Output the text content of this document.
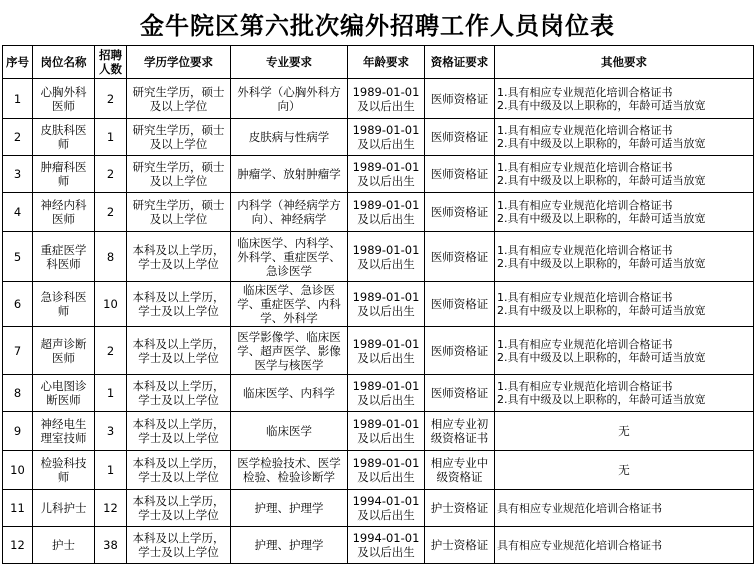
金牛院区第六批次编外招聘工作人员岗位表
序号	岗位名称	招聘人数	学历学位要求	专业要求	年龄要求	资格证要求	其他要求
1	心胸外科医师	2	研究生学历，硕士及以上学位	外科学（心胸外科方向）	1989-01-01及以后出生	医师资格证	1.具有相应专业规范化培训合格证书
2.具有中级及以上职称的，年龄可适当放宽

2	皮肤科医师	1	研究生学历，硕士及以上学位	皮肤病与性病学	1989-01-01及以后出生	医师资格证	1.具有相应专业规范化培训合格证书
2.具有中级及以上职称的，年龄可适当放宽

3	肿瘤科医师	2	研究生学历，硕士及以上学位	肿瘤学、放射肿瘤学	1989-01-01及以后出生	医师资格证	1.具有相应专业规范化培训合格证书
2.具有中级及以上职称的，年龄可适当放宽

4	神经内科医师	2	研究生学历，硕士及以上学位	内科学（神经病学方向）、神经病学	1989-01-01及以后出生	医师资格证	1.具有相应专业规范化培训合格证书
2.具有中级及以上职称的，年龄可适当放宽

5	重症医学科医师	8	本科及以上学历，学士及以上学位	临床医学、内科学、外科学、重症医学、急诊医学	1989-01-01及以后出生	医师资格证	1.具有相应专业规范化培训合格证书
2.具有中级及以上职称的，年龄可适当放宽

6	急诊科医师	10	本科及以上学历，学士及以上学位	临床医学、急诊医学、重症医学、内科学、外科学	1989-01-01及以后出生	医师资格证	1.具有相应专业规范化培训合格证书
2.具有中级及以上职称的，年龄可适当放宽

7	超声诊断医师	2	本科及以上学历，学士及以上学位	医学影像学、临床医学、超声医学、影像医学与核医学	1989-01-01及以后出生	医师资格证	1.具有相应专业规范化培训合格证书
2.具有中级及以上职称的，年龄可适当放宽

8	心电图诊断医师	1	本科及以上学历，学士及以上学位	临床医学、内科学	1989-01-01及以后出生	医师资格证	1.具有相应专业规范化培训合格证书
2.具有中级及以上职称的，年龄可适当放宽

9	神经电生理室技师	3	本科及以上学历，学士及以上学位	临床医学	1989-01-01及以后出生	相应专业初级资格证书	无
10	检验科技师	1	本科及以上学历，学士及以上学位	医学检验技术、医学检验、检验诊断学	1989-01-01及以后出生	相应专业中级资格证	无
11	儿科护士	12	本科及以上学历，学士及以上学位	护理、护理学	1994-01-01及以后出生	护士资格证	具有相应专业规范化培训合格证书

12	护士	38	本科及以上学历，学士及以上学位	护理、护理学	1994-01-01及以后出生	护士资格证	具有相应专业规范化培训合格证书
